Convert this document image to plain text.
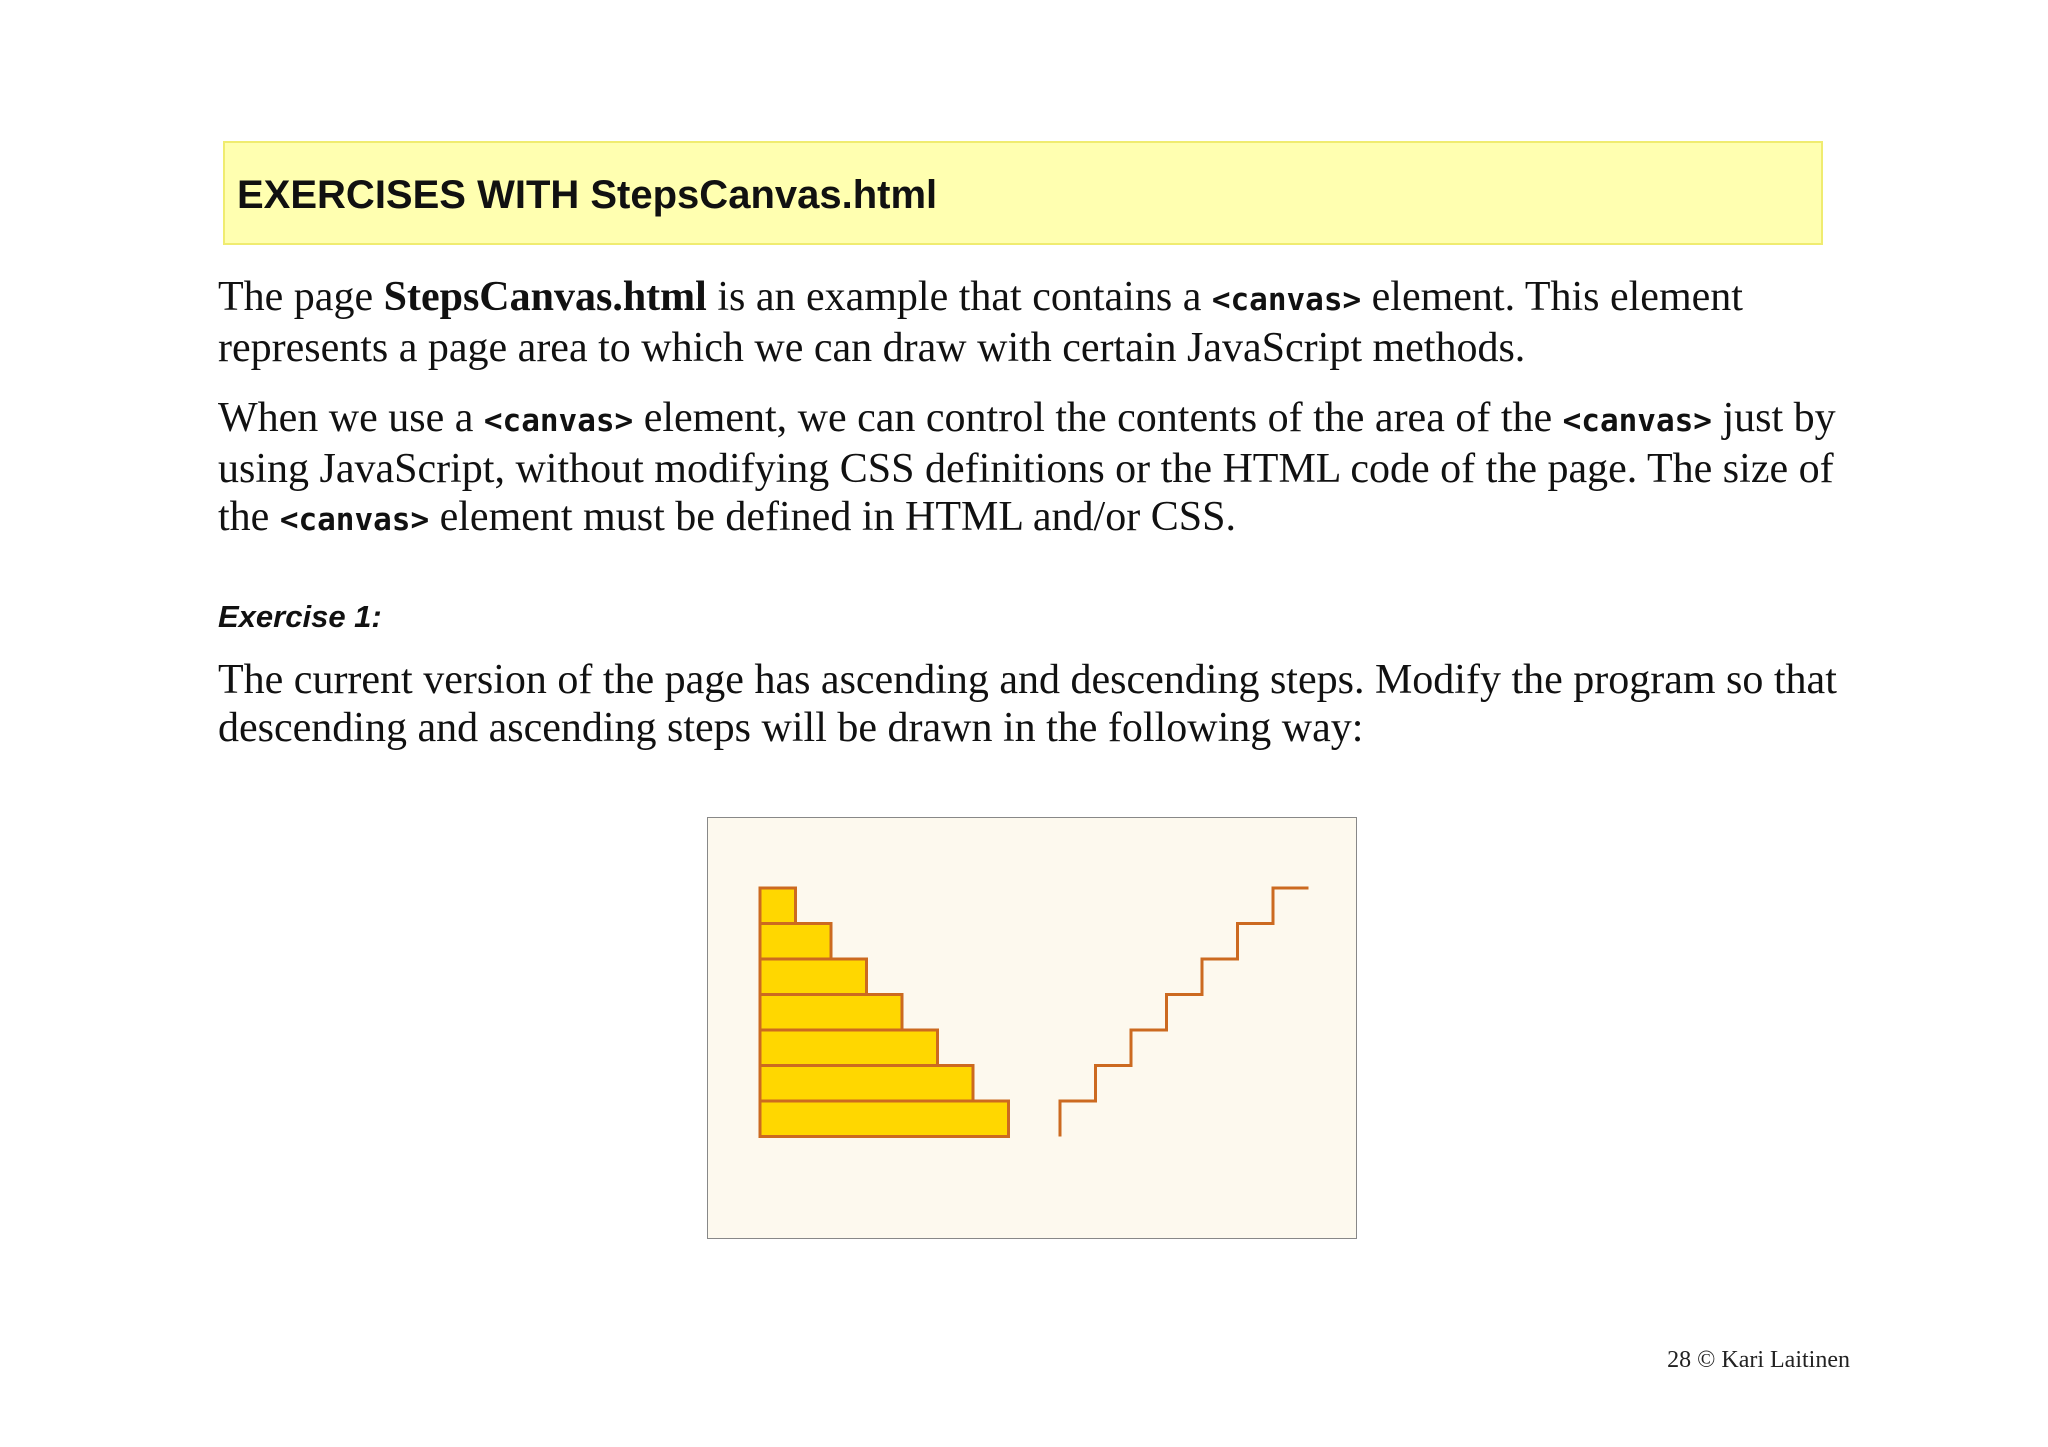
EXERCISES WITH StepsCanvas.html

The page StepsCanvas.html is an example that contains a <canvas> element. This element represents a page area to which we can draw with certain JavaScript methods.

When we use a <canvas> element, we can control the contents of the area of the <canvas> just by using JavaScript, without modifying CSS definitions or the HTML code of the page. The size of the <canvas> element must be defined in HTML and/or CSS.

Exercise 1:

The current version of the page has ascending and descending steps. Modify the program so that descending and ascending steps will be drawn in the following way:

28 © Kari Laitinen
